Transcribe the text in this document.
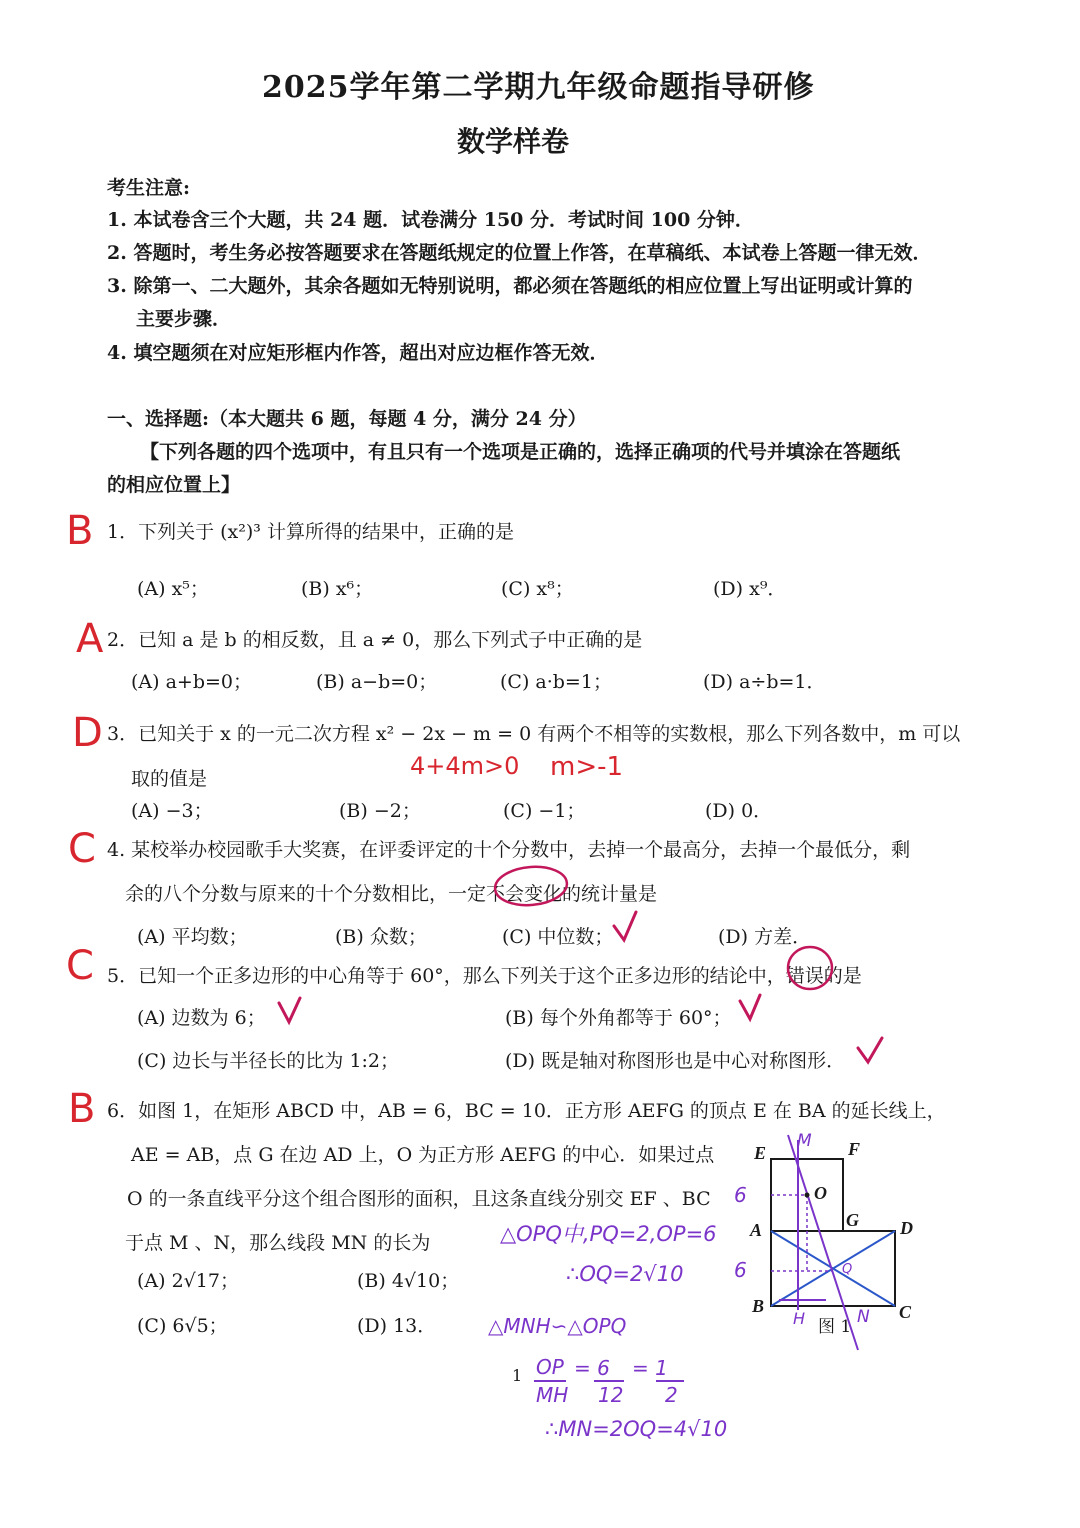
2025学年第二学期九年级命题指导研修
数学样卷
考生注意:
1. 本试卷含三个大题，共 24 题．试卷满分 150 分．考试时间 100 分钟．
2. 答题时，考生务必按答题要求在答题纸规定的位置上作答，在草稿纸、本试卷上答题一律无效．
3. 除第一、二大题外，其余各题如无特别说明，都必须在答题纸的相应位置上写出证明或计算的
主要步骤．
4. 填空题须在对应矩形框内作答，超出对应边框作答无效．
一、选择题:（本大题共 6 题，每题 4 分，满分 24 分）
【下列各题的四个选项中，有且只有一个选项是正确的，选择正确项的代号并填涂在答题纸
的相应位置上】
B 1．下列关于 (x²)³ 计算所得的结果中，正确的是
(A) x⁵；	(B) x⁶；	(C) x⁸；	(D) x⁹．
A 2．已知 a 是 b 的相反数，且 a ≠ 0，那么下列式子中正确的是
(A) a+b=0；	(B) a−b=0；	(C) a·b=1；	(D) a÷b=1．
D 3．已知关于 x 的一元二次方程 x² − 2x − m = 0 有两个不相等的实数根，那么下列各数中，m 可以
取的值是	4+4m>0 m>-1
(A) −3；	(B) −2；	(C) −1；	(D) 0．
C 4. 某校举办校园歌手大奖赛，在评委评定的十个分数中，去掉一个最高分，去掉一个最低分，剩
余的八个分数与原来的十个分数相比，一定不会变化的统计量是
(A) 平均数；	(B) 众数；	(C) 中位数；	(D) 方差．
C 5．已知一个正多边形的中心角等于 60°，那么下列关于这个正多边形的结论中，错误的是
(A) 边数为 6；	(B) 每个外角都等于 60°；
(C) 边长与半径长的比为 1:2；	(D) 既是轴对称图形也是中心对称图形．
B 6．如图 1，在矩形 ABCD 中，AB = 6，BC = 10．正方形 AEFG 的顶点 E 在 BA 的延长线上，
AE = AB，点 G 在边 AD 上，O 为正方形 AEFG 的中心．如果过点
O 的一条直线平分这个组合图形的面积，且这条直线分别交 EF 、BC
于点 M 、N，那么线段 MN 的长为
(A) 2√17；	(B) 4√10；
(C) 6√5；	(D) 13．
△OPQ中,PQ=2,OP=6
∴OQ=2√10
△MNH∽△OPQ
1 OP
MH
= 6
12
= 1
2
∴MN=2OQ=4√10
E	F
O
A	G D
B	C
M
N
H
Q
6
6
图 1
